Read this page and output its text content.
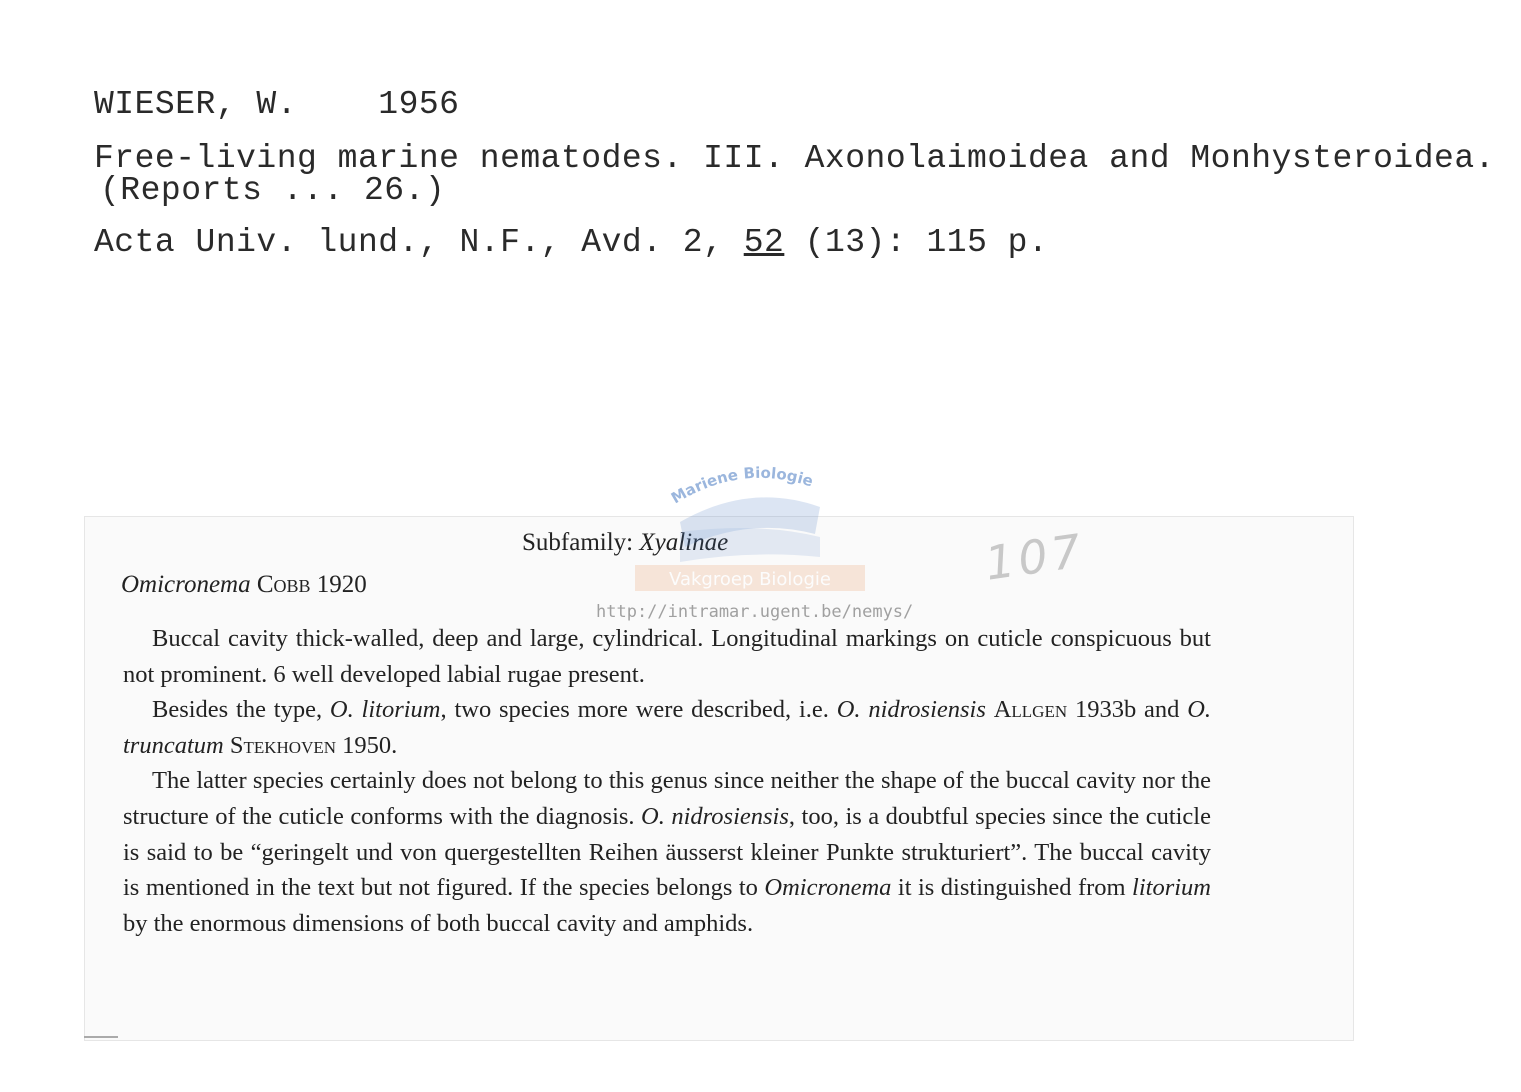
WIESER, W. 1956
Free-living marine nematodes. III. Axonolaimoidea and Monhysteroidea.
(Reports ... 26.)
Acta Univ. lund., N.F., Avd. 2, 52 (13): 115 p.
Subfamily: Xyalinae
Omicronema Cobb 1920

Buccal cavity thick-walled, deep and large, cylindrical. Longitudinal markings on cuticle conspicuous but not prominent. 6 well developed labial rugae present.

Besides the type, O. litorium, two species more were described, i.e. O. nidrosiensis Allgen 1933b and O. truncatum Stekhoven 1950.

The latter species certainly does not belong to this genus since neither the shape of the buccal cavity nor the structure of the cuticle conforms with the diagnosis. O. nidrosiensis, too, is a doubtful species since the cuticle is said to be “geringelt und von quergestellten Reihen äusserst kleiner Punkte strukturiert”. The buccal cavity is mentioned in the text but not figured. If the species belongs to Omicronema it is distinguished from litorium by the enormous dimensions of both buccal cavity and amphids.

107
Mariene Biologie
Vakgroep Biologie
http://intramar.ugent.be/nemys/
